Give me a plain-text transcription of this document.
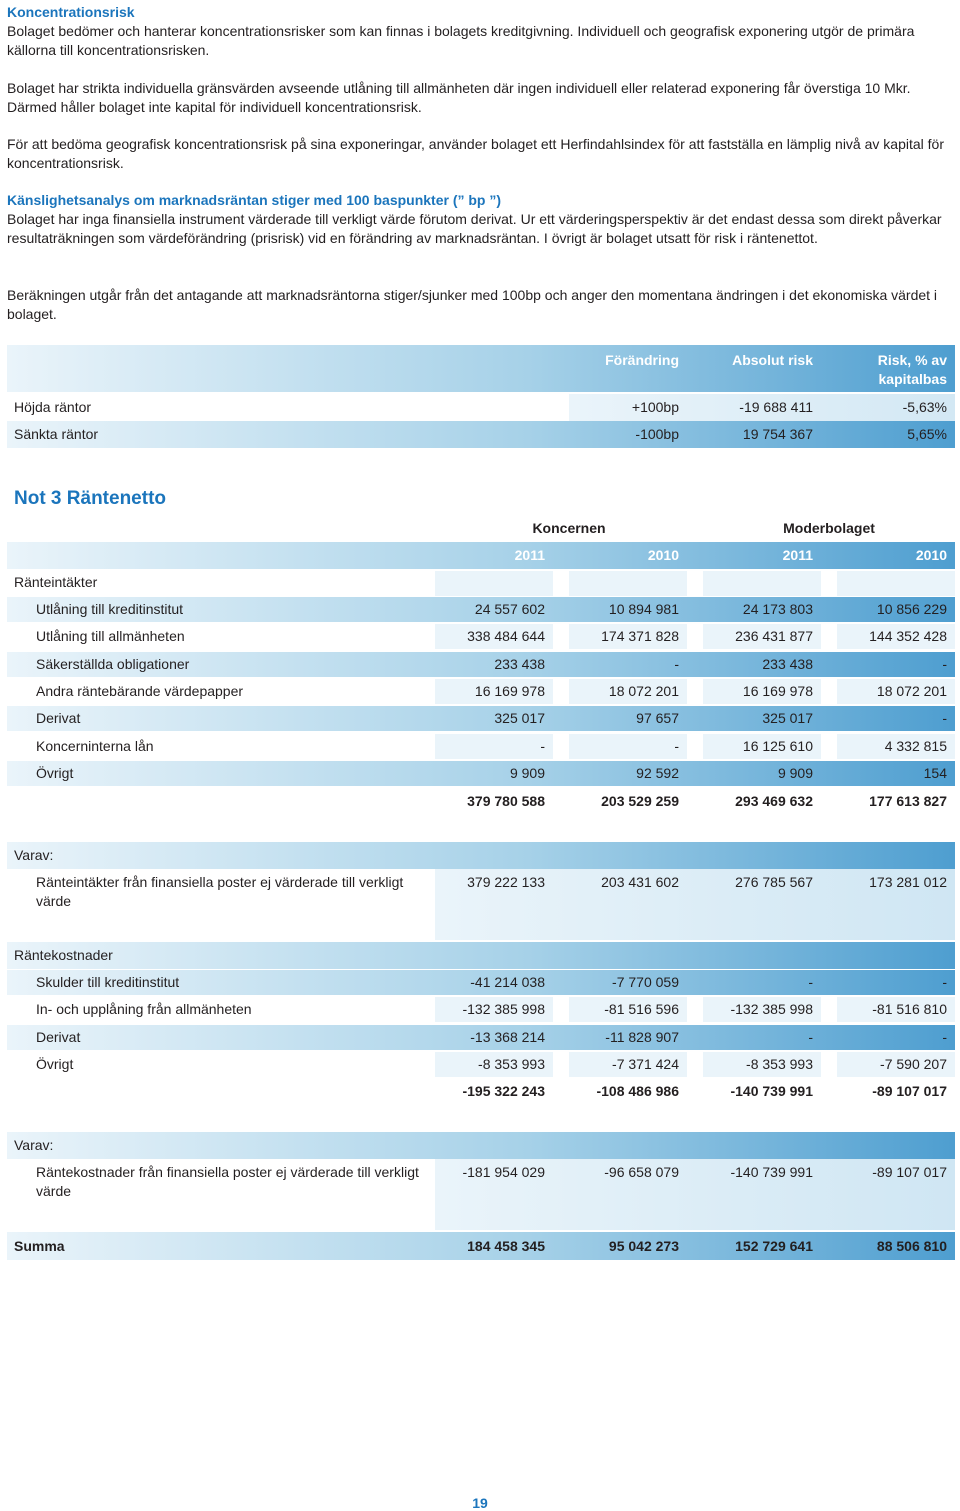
Koncentrationsrisk

Bolaget bedömer och hanterar koncentrationsrisker som kan finnas i bolagets kreditgivning. Individuell och geografisk exponering utgör de primära källorna till koncentrationsrisken.

Bolaget har strikta individuella gränsvärden avseende utlåning till allmänheten där ingen individuell eller relaterad exponering får överstiga 10 Mkr. Därmed håller bolaget inte kapital för individuell koncentrationsrisk.

För att bedöma geografisk koncentrationsrisk på sina exponeringar, använder bolaget ett Herfindahlsindex för att fastställa en lämplig nivå av kapital för koncentrationsrisk.

Känslighetsanalys om marknadsräntan stiger med 100 baspunkter (” bp ”)

Bolaget har inga finansiella instrument värderade till verkligt värde förutom derivat. Ur ett värderingsperspektiv är det endast dessa som direkt påverkar resultaträkningen som värdeförändring (prisrisk) vid en förändring av marknadsräntan. I övrigt är bolaget utsatt för risk i räntenettot.

Beräkningen utgår från det antagande att marknadsräntorna stiger/sjunker med 100bp och anger den momentana ändringen i det ekonomiska värdet i bolaget.

Förändring	Absolut risk	Risk, % av kapitalbas
Höjda räntor	+100bp	-19 688 411	-5,63%
Sänkta räntor	-100bp	19 754 367	5,65%
Not 3 Räntenetto
Koncernen	Moderbolaget
2011	2010	2011	2010
Ränteintäkter
Utlåning till kreditinstitut	24 557 602	10 894 981	24 173 803	10 856 229
Utlåning till allmänheten	338 484 644	174 371 828	236 431 877	144 352 428
Säkerställda obligationer	233 438	-	233 438	-
Andra räntebärande värdepapper	16 169 978	18 072 201	16 169 978	18 072 201
Derivat	325 017	97 657	325 017	-
Koncerninterna lån	-	-	16 125 610	4 332 815
Övrigt	9 909	92 592	9 909	154
379 780 588	203 529 259	293 469 632	177 613 827
Varav:
Ränteintäkter från finansiella poster ej värderade till verkligt värde
379 222 133	203 431 602	276 785 567	173 281 012
Räntekostnader
Skulder till kreditinstitut	-41 214 038	-7 770 059	-	-
In- och upplåning från allmänheten	-132 385 998	-81 516 596	-132 385 998	-81 516 810
Derivat	-13 368 214	-11 828 907	-	-
Övrigt	-8 353 993	-7 371 424	-8 353 993	-7 590 207
-195 322 243	-108 486 986	-140 739 991	-89 107 017
Varav:
Räntekostnader från finansiella poster ej värderade till verkligt värde
-181 954 029	-96 658 079	-140 739 991	-89 107 017
Summa	184 458 345	95 042 273	152 729 641	88 506 810
19
